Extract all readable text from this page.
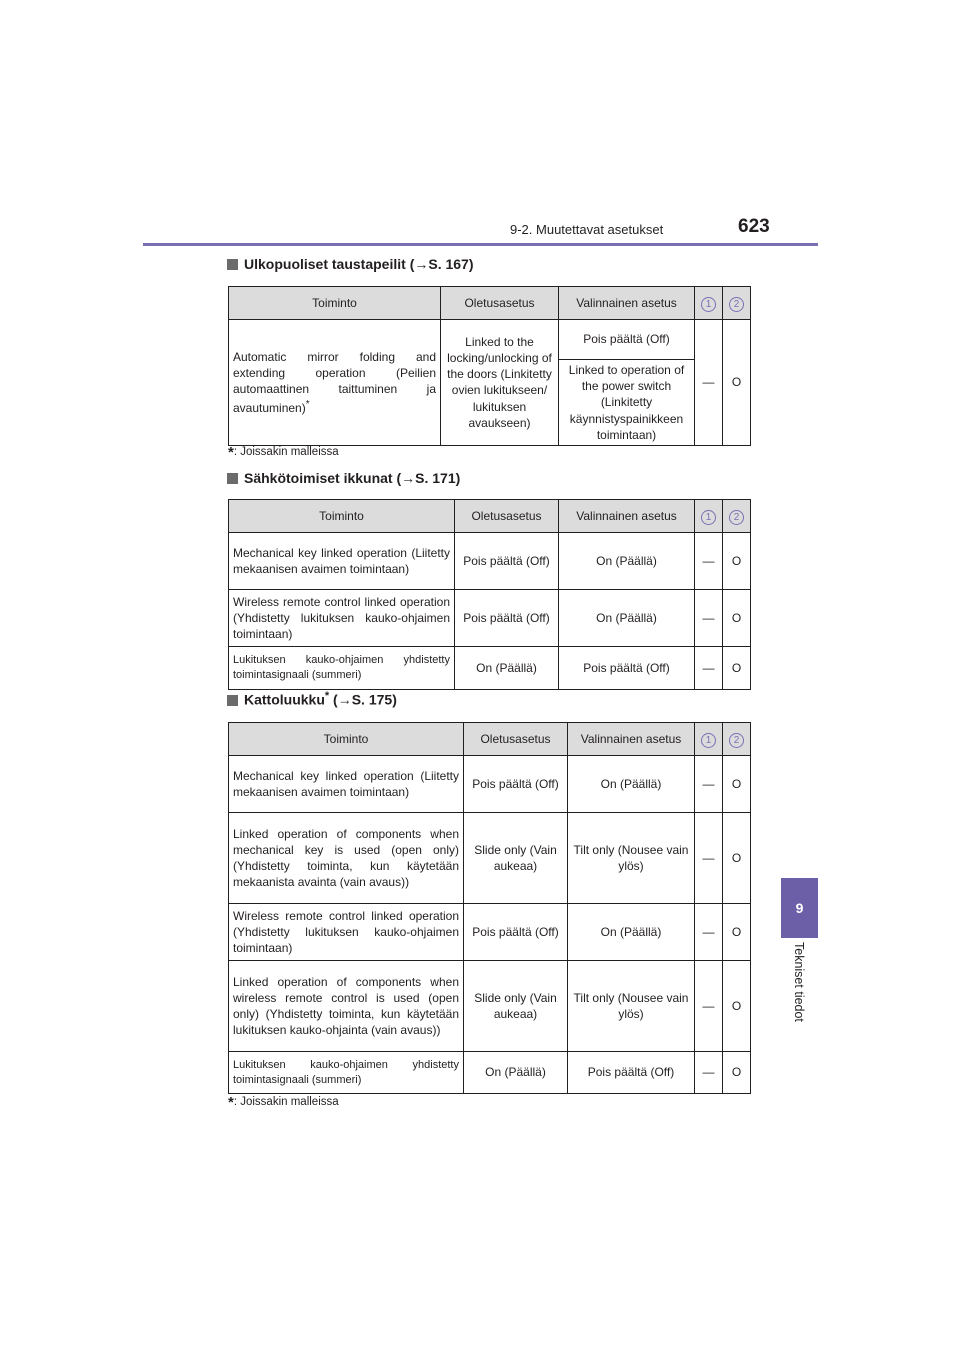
9-2. Muutettavat asetukset	623
9
Tekniset tiedot
Ulkopuoliset taustapeilit (→S. 167)
Toiminto	Oletusasetus	Valinnainen asetus	1	2
Automatic mirror folding and extending operation (Peilien automaattinen taittuminen ja avautuminen)*	Linked to the locking/unlocking of the doors (Linkitetty ovien lukitukseen/ lukituksen avaukseen)	Pois päältä (Off)	—	O
		Linked to operation of the power switch (Linkitetty käynnistyspainikkeen toimintaan)		
*: Joissakin malleissa
Sähkötoimiset ikkunat (→S. 171)
Toiminto	Oletusasetus	Valinnainen asetus	1	2
Mechanical key linked operation (Liitetty mekaanisen avaimen toimintaan)	Pois päältä (Off)	On (Päällä)	—	O
Wireless remote control linked operation (Yhdistetty lukituksen kauko-ohjaimen toimintaan)	Pois päältä (Off)	On (Päällä)	—	O
Lukituksen kauko-ohjaimen yhdistetty toimintasignaali (summeri)	On (Päällä)	Pois päältä (Off)	—	O
Kattoluukku* (→S. 175)
Toiminto	Oletusasetus	Valinnainen asetus	1	2
Mechanical key linked operation (Liitetty mekaanisen avaimen toimintaan)	Pois päältä (Off)	On (Päällä)	—	O
Linked operation of components when mechanical key is used (open only) (Yhdistetty toiminta, kun käytetään mekaanista avainta (vain avaus))	Slide only (Vain aukeaa)	Tilt only (Nousee vain ylös)	—	O
Wireless remote control linked operation (Yhdistetty lukituksen kauko-ohjaimen toimintaan)	Pois päältä (Off)	On (Päällä)	—	O
Linked operation of components when wireless remote control is used (open only) (Yhdistetty toiminta, kun käytetään lukituksen kauko-ohjainta (vain avaus))	Slide only (Vain aukeaa)	Tilt only (Nousee vain ylös)	—	O
Lukituksen kauko-ohjaimen yhdistetty toimintasignaali (summeri)	On (Päällä)	Pois päältä (Off)	—	O
*: Joissakin malleissa
